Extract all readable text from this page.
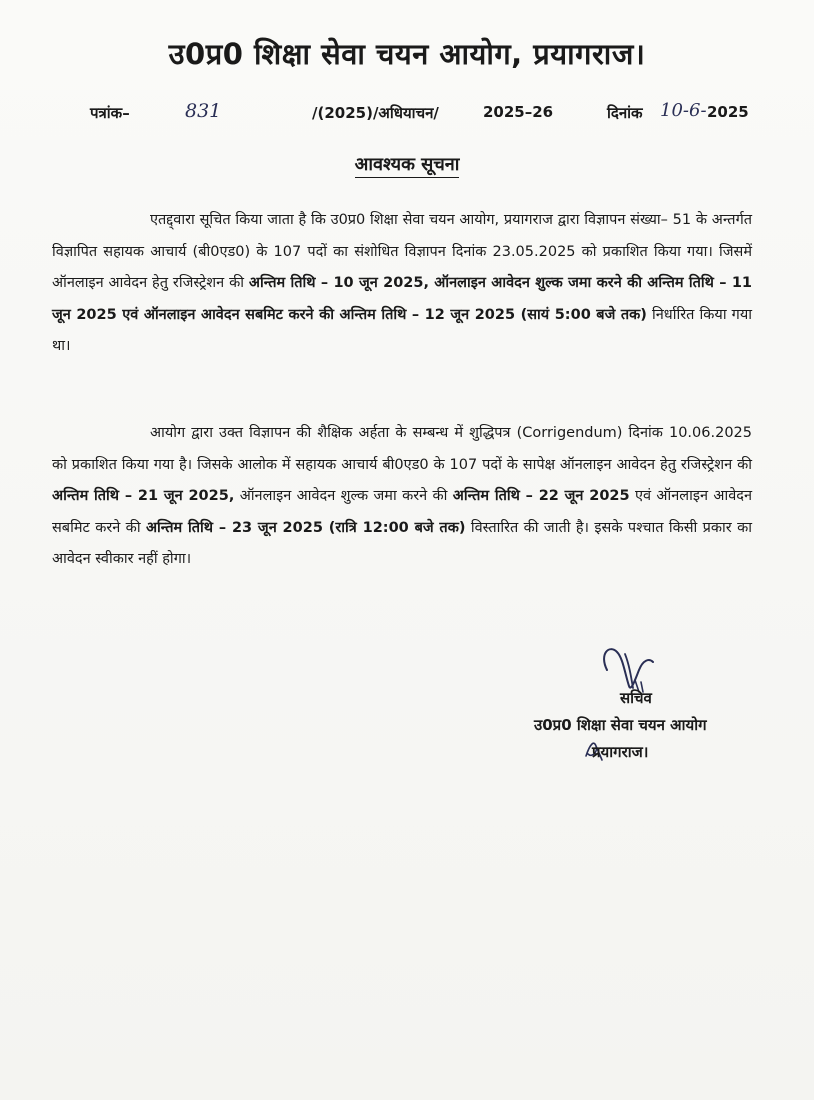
उ0प्र0 शिक्षा सेवा चयन आयोग, प्रयागराज।
पत्रांक–	831	/(2025)/अधियाचन/	2025–26	दिनांक 10-6- 2025
आवश्यक सूचना

एतद्द्वारा सूचित किया जाता है कि उ0प्र0 शिक्षा सेवा चयन आयोग, प्रयागराज द्वारा विज्ञापन संख्या– 51 के अन्तर्गत विज्ञापित सहायक आचार्य (बी0एड0) के 107 पदों का संशोधित विज्ञापन दिनांक 23.05.2025 को प्रकाशित किया गया। जिसमें ऑनलाइन आवेदन हेतु रजिस्ट्रेशन की अन्तिम तिथि – 10 जून 2025, ऑनलाइन आवेदन शुल्क जमा करने की अन्तिम तिथि – 11 जून 2025 एवं ऑनलाइन आवेदन सबमिट करने की अन्तिम तिथि – 12 जून 2025 (सायं 5:00 बजे तक) निर्धारित किया गया था।

आयोग द्वारा उक्त विज्ञापन की शैक्षिक अर्हता के सम्बन्ध में शुद्धिपत्र (Corrigendum) दिनांक 10.06.2025 को प्रकाशित किया गया है। जिसके आलोक में सहायक आचार्य बी0एड0 के 107 पदों के सापेक्ष ऑनलाइन आवेदन हेतु रजिस्ट्रेशन की अन्तिम तिथि – 21 जून 2025, ऑनलाइन आवेदन शुल्क जमा करने की अन्तिम तिथि – 22 जून 2025 एवं ऑनलाइन आवेदन सबमिट करने की अन्तिम तिथि – 23 जून 2025 (रात्रि 12:00 बजे तक) विस्तारित की जाती है। इसके पश्चात किसी प्रकार का आवेदन स्वीकार नहीं होगा।

सचिव
उ0प्र0 शिक्षा सेवा चयन आयोग
प्रयागराज।
